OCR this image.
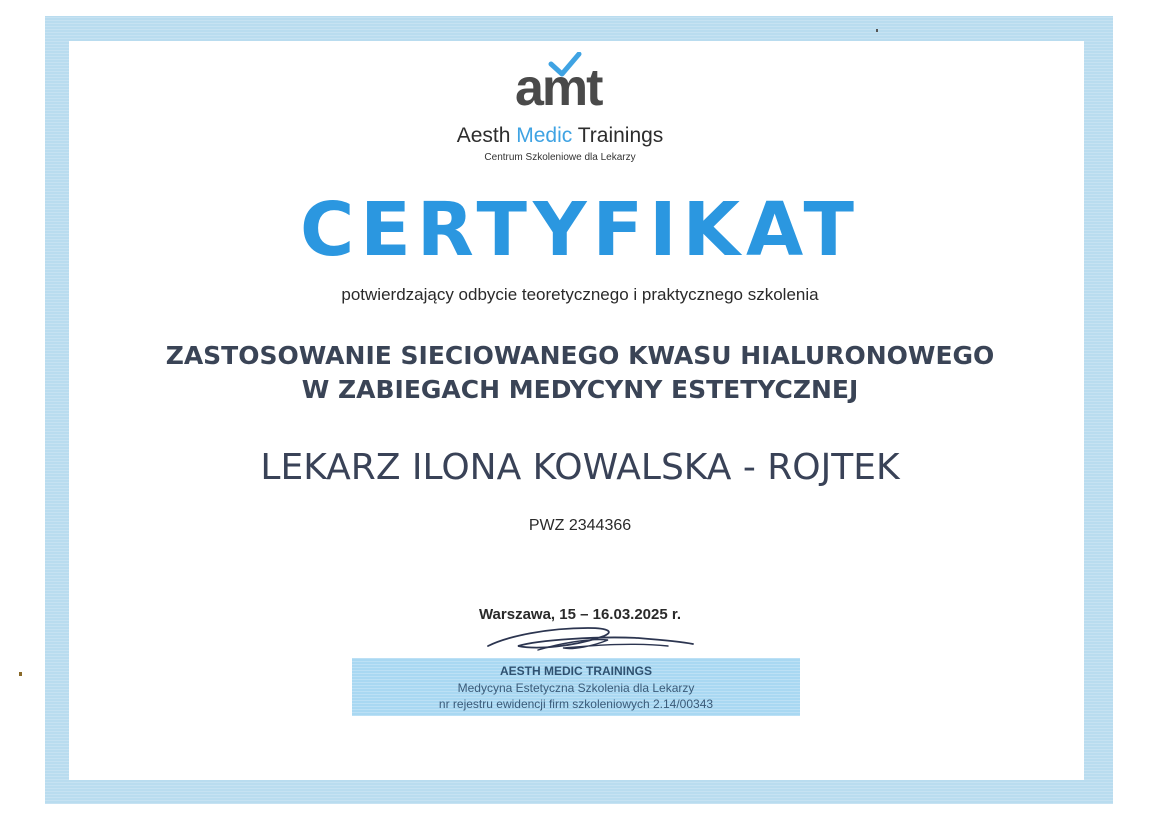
amt
Aesth Medic Trainings
Centrum Szkoleniowe dla Lekarzy
CERTYFIKAT
potwierdzający odbycie teoretycznego i praktycznego szkolenia
ZASTOSOWANIE SIECIOWANEGO KWASU HIALURONOWEGO
W ZABIEGACH MEDYCYNY ESTETYCZNEJ
LEKARZ ILONA KOWALSKA - ROJTEK
PWZ 2344366
Warszawa, 15 – 16.03.2025 r.
AESTH MEDIC TRAININGS
Medycyna Estetyczna Szkolenia dla Lekarzy
nr rejestru ewidencji firm szkoleniowych 2.14/00343
